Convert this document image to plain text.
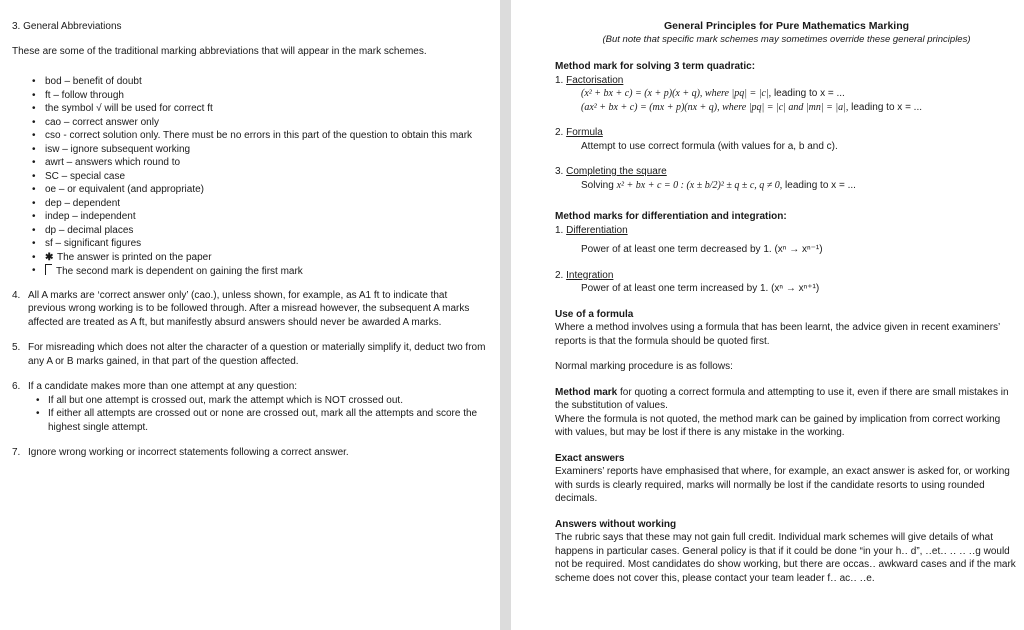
3. General Abbreviations

These are some of the traditional marking abbreviations that will appear in the mark schemes.

• bod – benefit of doubt
• ft – follow through
• the symbol √ will be used for correct ft
• cao – correct answer only
• cso - correct solution only. There must be no errors in this part of the question to obtain this mark
• isw – ignore subsequent working
• awrt – answers which round to
• SC – special case
• oe – or equivalent (and appropriate)
• dep – dependent
• indep – independent
• dp – decimal places
• sf – significant figures
• ✱ The answer is printed on the paper
• The second mark is dependent on gaining the first mark
4. All A marks are ‘correct answer only’ (cao.), unless shown, for example, as A1 ft to indicate that previous wrong working is to be followed through. After a misread however, the subsequent A marks affected are treated as A ft, but manifestly absurd answers should never be awarded A marks.
5. For misreading which does not alter the character of a question or materially simplify it, deduct two from any A or B marks gained, in that part of the question affected.
6. If a candidate makes more than one attempt at any question:
• If all but one attempt is crossed out, mark the attempt which is NOT crossed out.
• If either all attempts are crossed out or none are crossed out, mark all the attempts and score the highest single attempt.
7. Ignore wrong working or incorrect statements following a correct answer.

General Principles for Pure Mathematics Marking

(But note that specific mark schemes may sometimes override these general principles)

Method mark for solving 3 term quadratic:
1. Factorisation
(x² + bx + c) = (x + p)(x + q), where |pq| = |c|, leading to x = ...
(ax² + bx + c) = (mx + p)(nx + q), where |pq| = |c| and |mn| = |a|, leading to x = ...
2. Formula
Attempt to use correct formula (with values for a, b and c).
3. Completing the square
Solving x² + bx + c = 0 : (x ± b/2)² ± q ± c, q ≠ 0, leading to x = ...
Method marks for differentiation and integration:
1. Differentiation
Power of at least one term decreased by 1. (xⁿ → xⁿ⁻¹)
2. Integration
Power of at least one term increased by 1. (xⁿ → xⁿ⁺¹)
Use of a formula
Where a method involves using a formula that has been learnt, the advice given in recent examiners’ reports is that the formula should be quoted first.
Normal marking procedure is as follows:
Method mark for quoting a correct formula and attempting to use it, even if there are small mistakes in the substitution of values.
Where the formula is not quoted, the method mark can be gained by implication from correct working with values, but may be lost if there is any mistake in the working.
Exact answers
Examiners’ reports have emphasised that where, for example, an exact answer is asked for, or working with surds is clearly required, marks will normally be lost if the candidate resorts to using rounded decimals.
Answers without working
The rubric says that these may not gain full credit. Individual mark schemes will give details of what happens in particular cases. General policy is that if it could be done “in your h‥ d”, ‥et‥ ‥ ‥ ‥g would not be required. Most candidates do show working, but there are occas‥ awkward cases and if the mark scheme does not cover this, please contact your team leader f‥ ac‥ ‥e.
